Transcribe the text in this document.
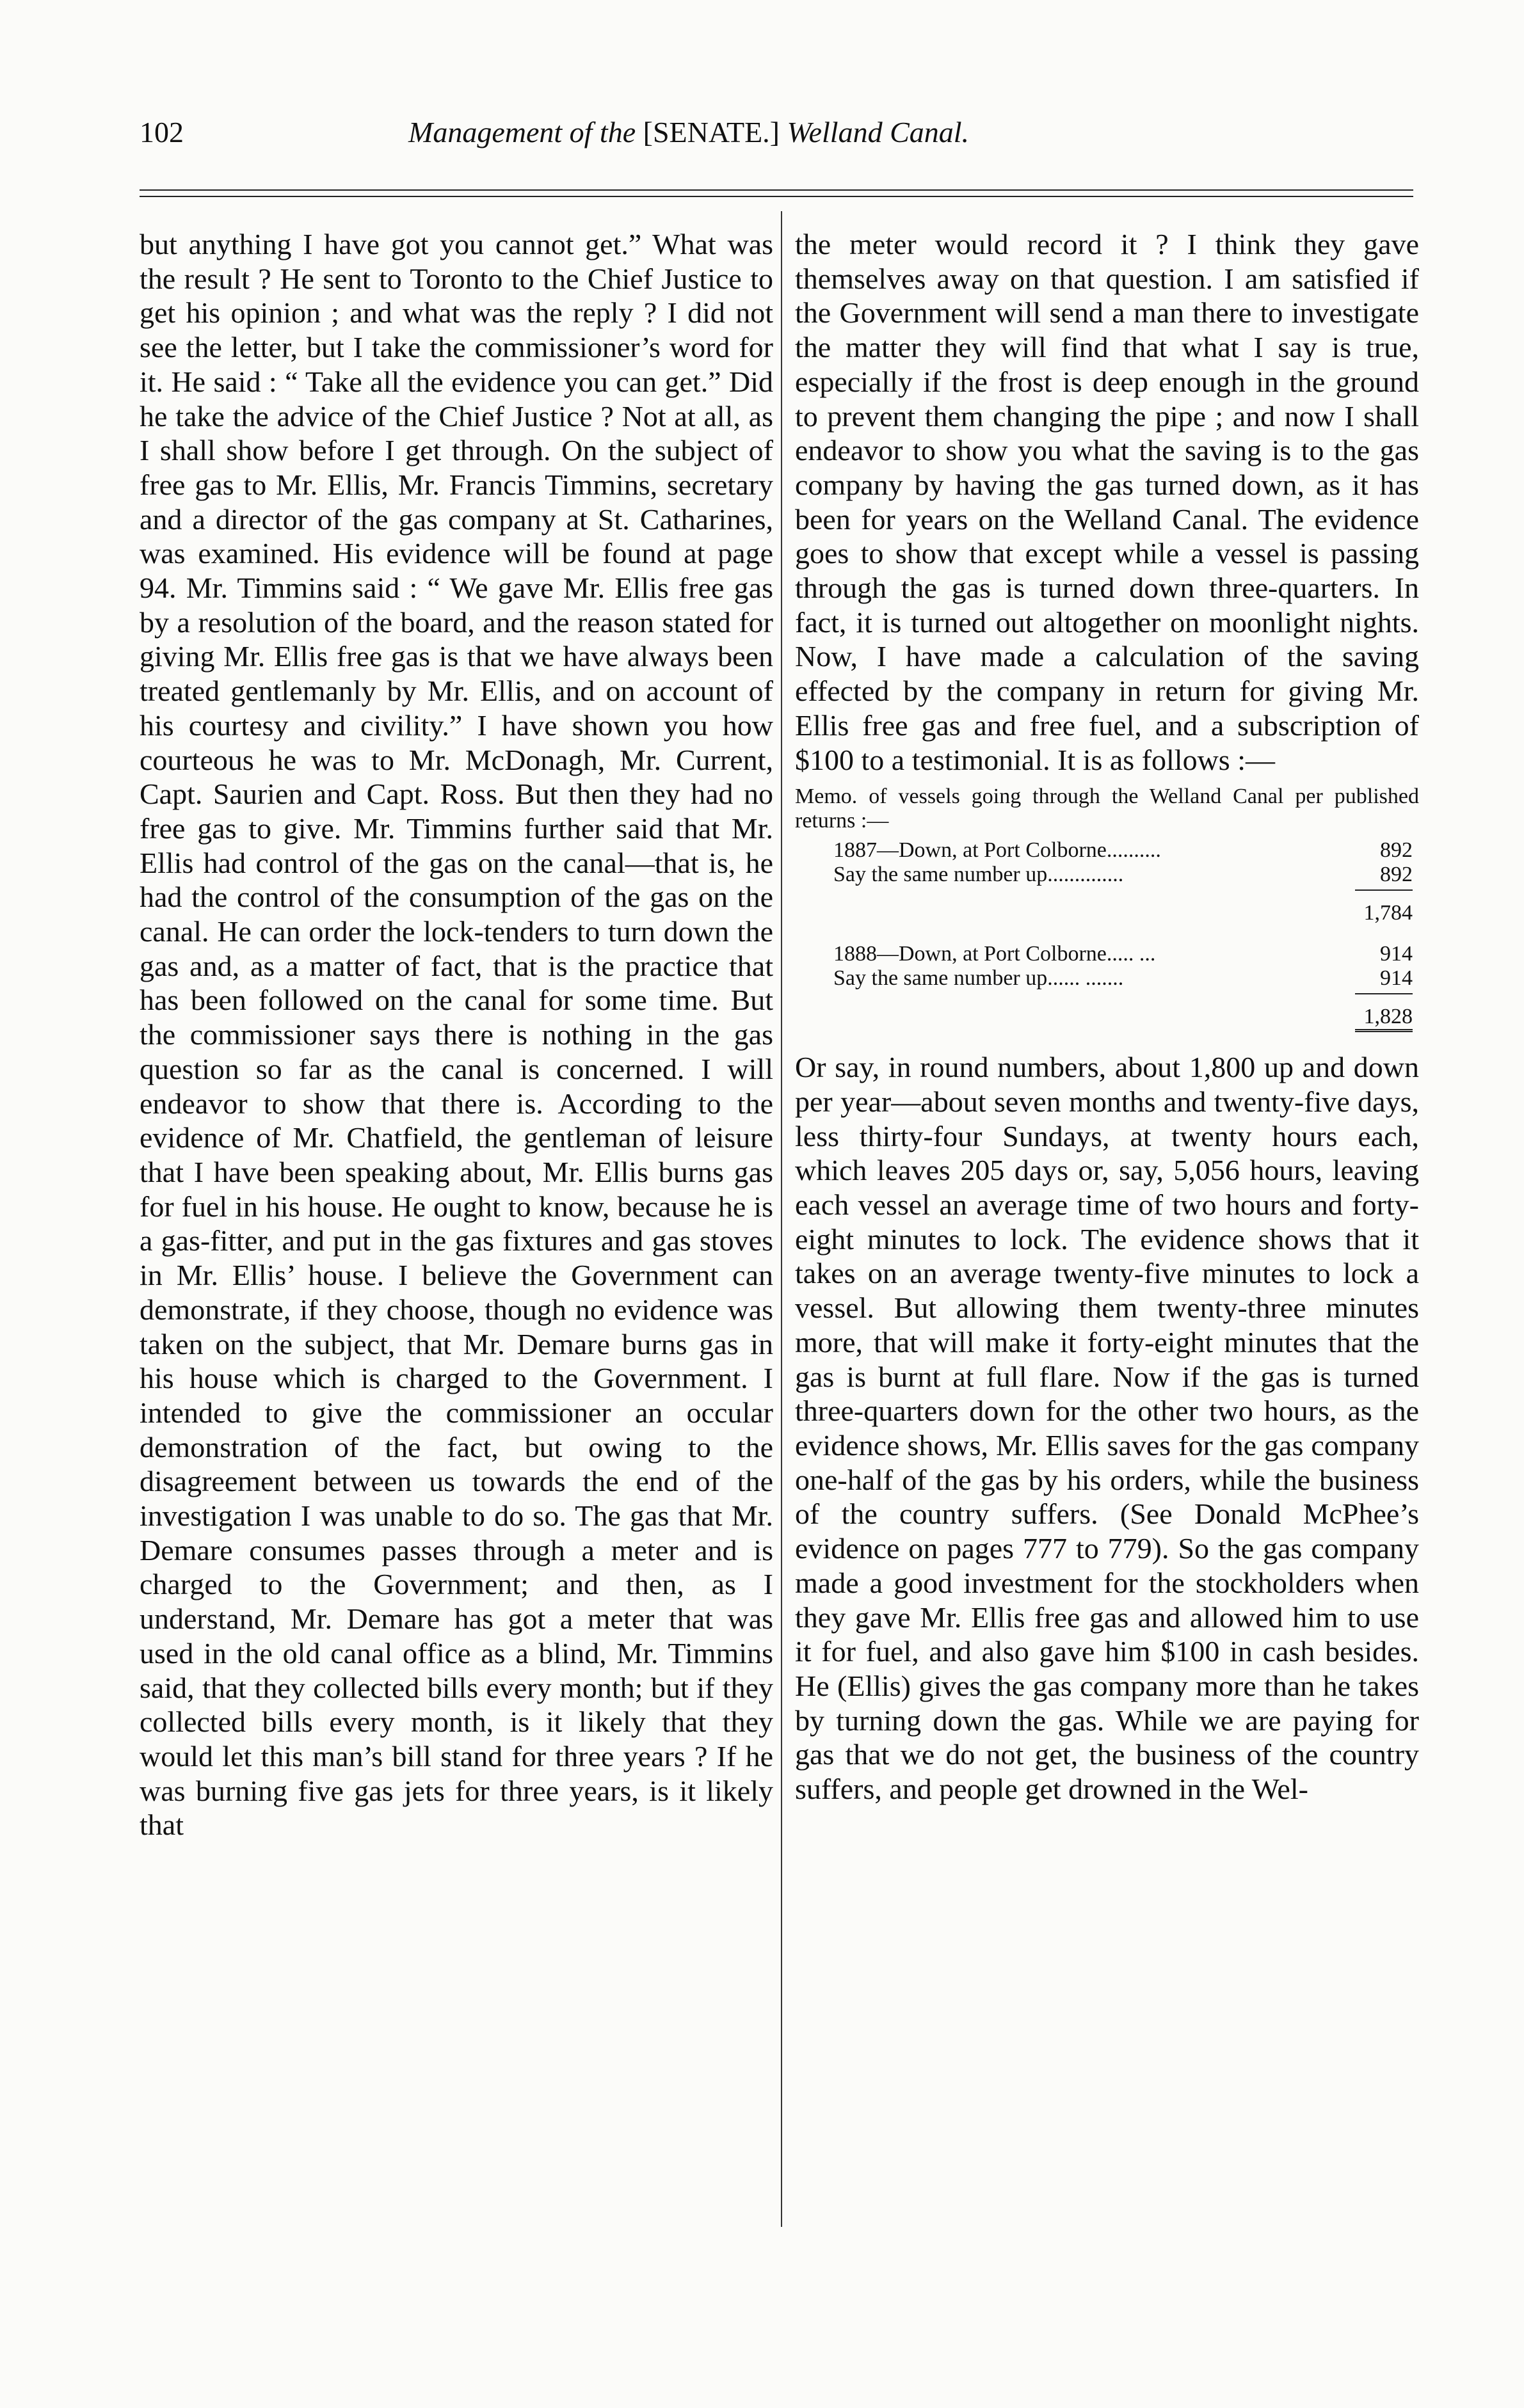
102	Management of the [SENATE.] Welland Canal.

but anything I have got you cannot get.” What was the result ? He sent to Toronto to the Chief Justice to get his opinion ; and what was the reply ? I did not see the letter, but I take the commissioner’s word for it. He said : “ Take all the evidence you can get.” Did he take the advice of the Chief Justice ? Not at all, as I shall show before I get through. On the subject of free gas to Mr. Ellis, Mr. Francis Timmins, secretary and a director of the gas company at St. Catharines, was examined. His evidence will be found at page 94. Mr. Timmins said : “ We gave Mr. Ellis free gas by a resolution of the board, and the reason stated for giving Mr. Ellis free gas is that we have always been treated gentlemanly by Mr. Ellis, and on account of his courtesy and civility.” I have shown you how courteous he was to Mr. McDonagh, Mr. Current, Capt. Saurien and Capt. Ross. But then they had no free gas to give. Mr. Timmins further said that Mr. Ellis had control of the gas on the canal—that is, he had the control of the consumption of the gas on the canal. He can order the lock-tenders to turn down the gas and, as a matter of fact, that is the practice that has been followed on the canal for some time. But the commissioner says there is nothing in the gas question so far as the canal is concerned. I will endeavor to show that there is. According to the evidence of Mr. Chatfield, the gentleman of leisure that I have been speaking about, Mr. Ellis burns gas for fuel in his house. He ought to know, because he is a gas-fitter, and put in the gas fixtures and gas stoves in Mr. Ellis’ house. I believe the Government can demonstrate, if they choose, though no evidence was taken on the subject, that Mr. Demare burns gas in his house which is charged to the Government. I intended to give the commissioner an occular demonstration of the fact, but owing to the disagreement between us towards the end of the investigation I was unable to do so. The gas that Mr. Demare consumes passes through a meter and is charged to the Government; and then, as I understand, Mr. Demare has got a meter that was used in the old canal office as a blind, Mr. Timmins said, that they collected bills every month; but if they collected bills every month, is it likely that they would let this man’s bill stand for three years ? If he was burning five gas jets for three years, is it likely that

the meter would record it ? I think they gave themselves away on that question. I am satisfied if the Government will send a man there to investigate the matter they will find that what I say is true, especially if the frost is deep enough in the ground to prevent them changing the pipe ; and now I shall endeavor to show you what the saving is to the gas company by having the gas turned down, as it has been for years on the Welland Canal. The evidence goes to show that except while a vessel is passing through the gas is turned down three-quarters. In fact, it is turned out altogether on moonlight nights. Now, I have made a calculation of the saving effected by the company in return for giving Mr. Ellis free gas and free fuel, and a subscription of $100 to a testimonial. It is as follows :—

Memo. of vessels going through the Welland Canal per published returns :—
1887—Down, at Port Colborne..........	892
Say the same number up..............	892
1,784
1888—Down, at Port Colborne..... ...	914
Say the same number up...... .......	914
1,828

Or say, in round numbers, about 1,800 up and down per year—about seven months and twenty-five days, less thirty-four Sundays, at twenty hours each, which leaves 205 days or, say, 5,056 hours, leaving each vessel an average time of two hours and forty-eight minutes to lock. The evidence shows that it takes on an average twenty-five minutes to lock a vessel. But allowing them twenty-three minutes more, that will make it forty-eight minutes that the gas is burnt at full flare. Now if the gas is turned three-quarters down for the other two hours, as the evidence shows, Mr. Ellis saves for the gas company one-half of the gas by his orders, while the business of the country suffers. (See Donald McPhee’s evidence on pages 777 to 779). So the gas company made a good investment for the stockholders when they gave Mr. Ellis free gas and allowed him to use it for fuel, and also gave him $100 in cash besides. He (Ellis) gives the gas company more than he takes by turning down the gas. While we are paying for gas that we do not get, the business of the country suffers, and people get drowned in the Wel-
